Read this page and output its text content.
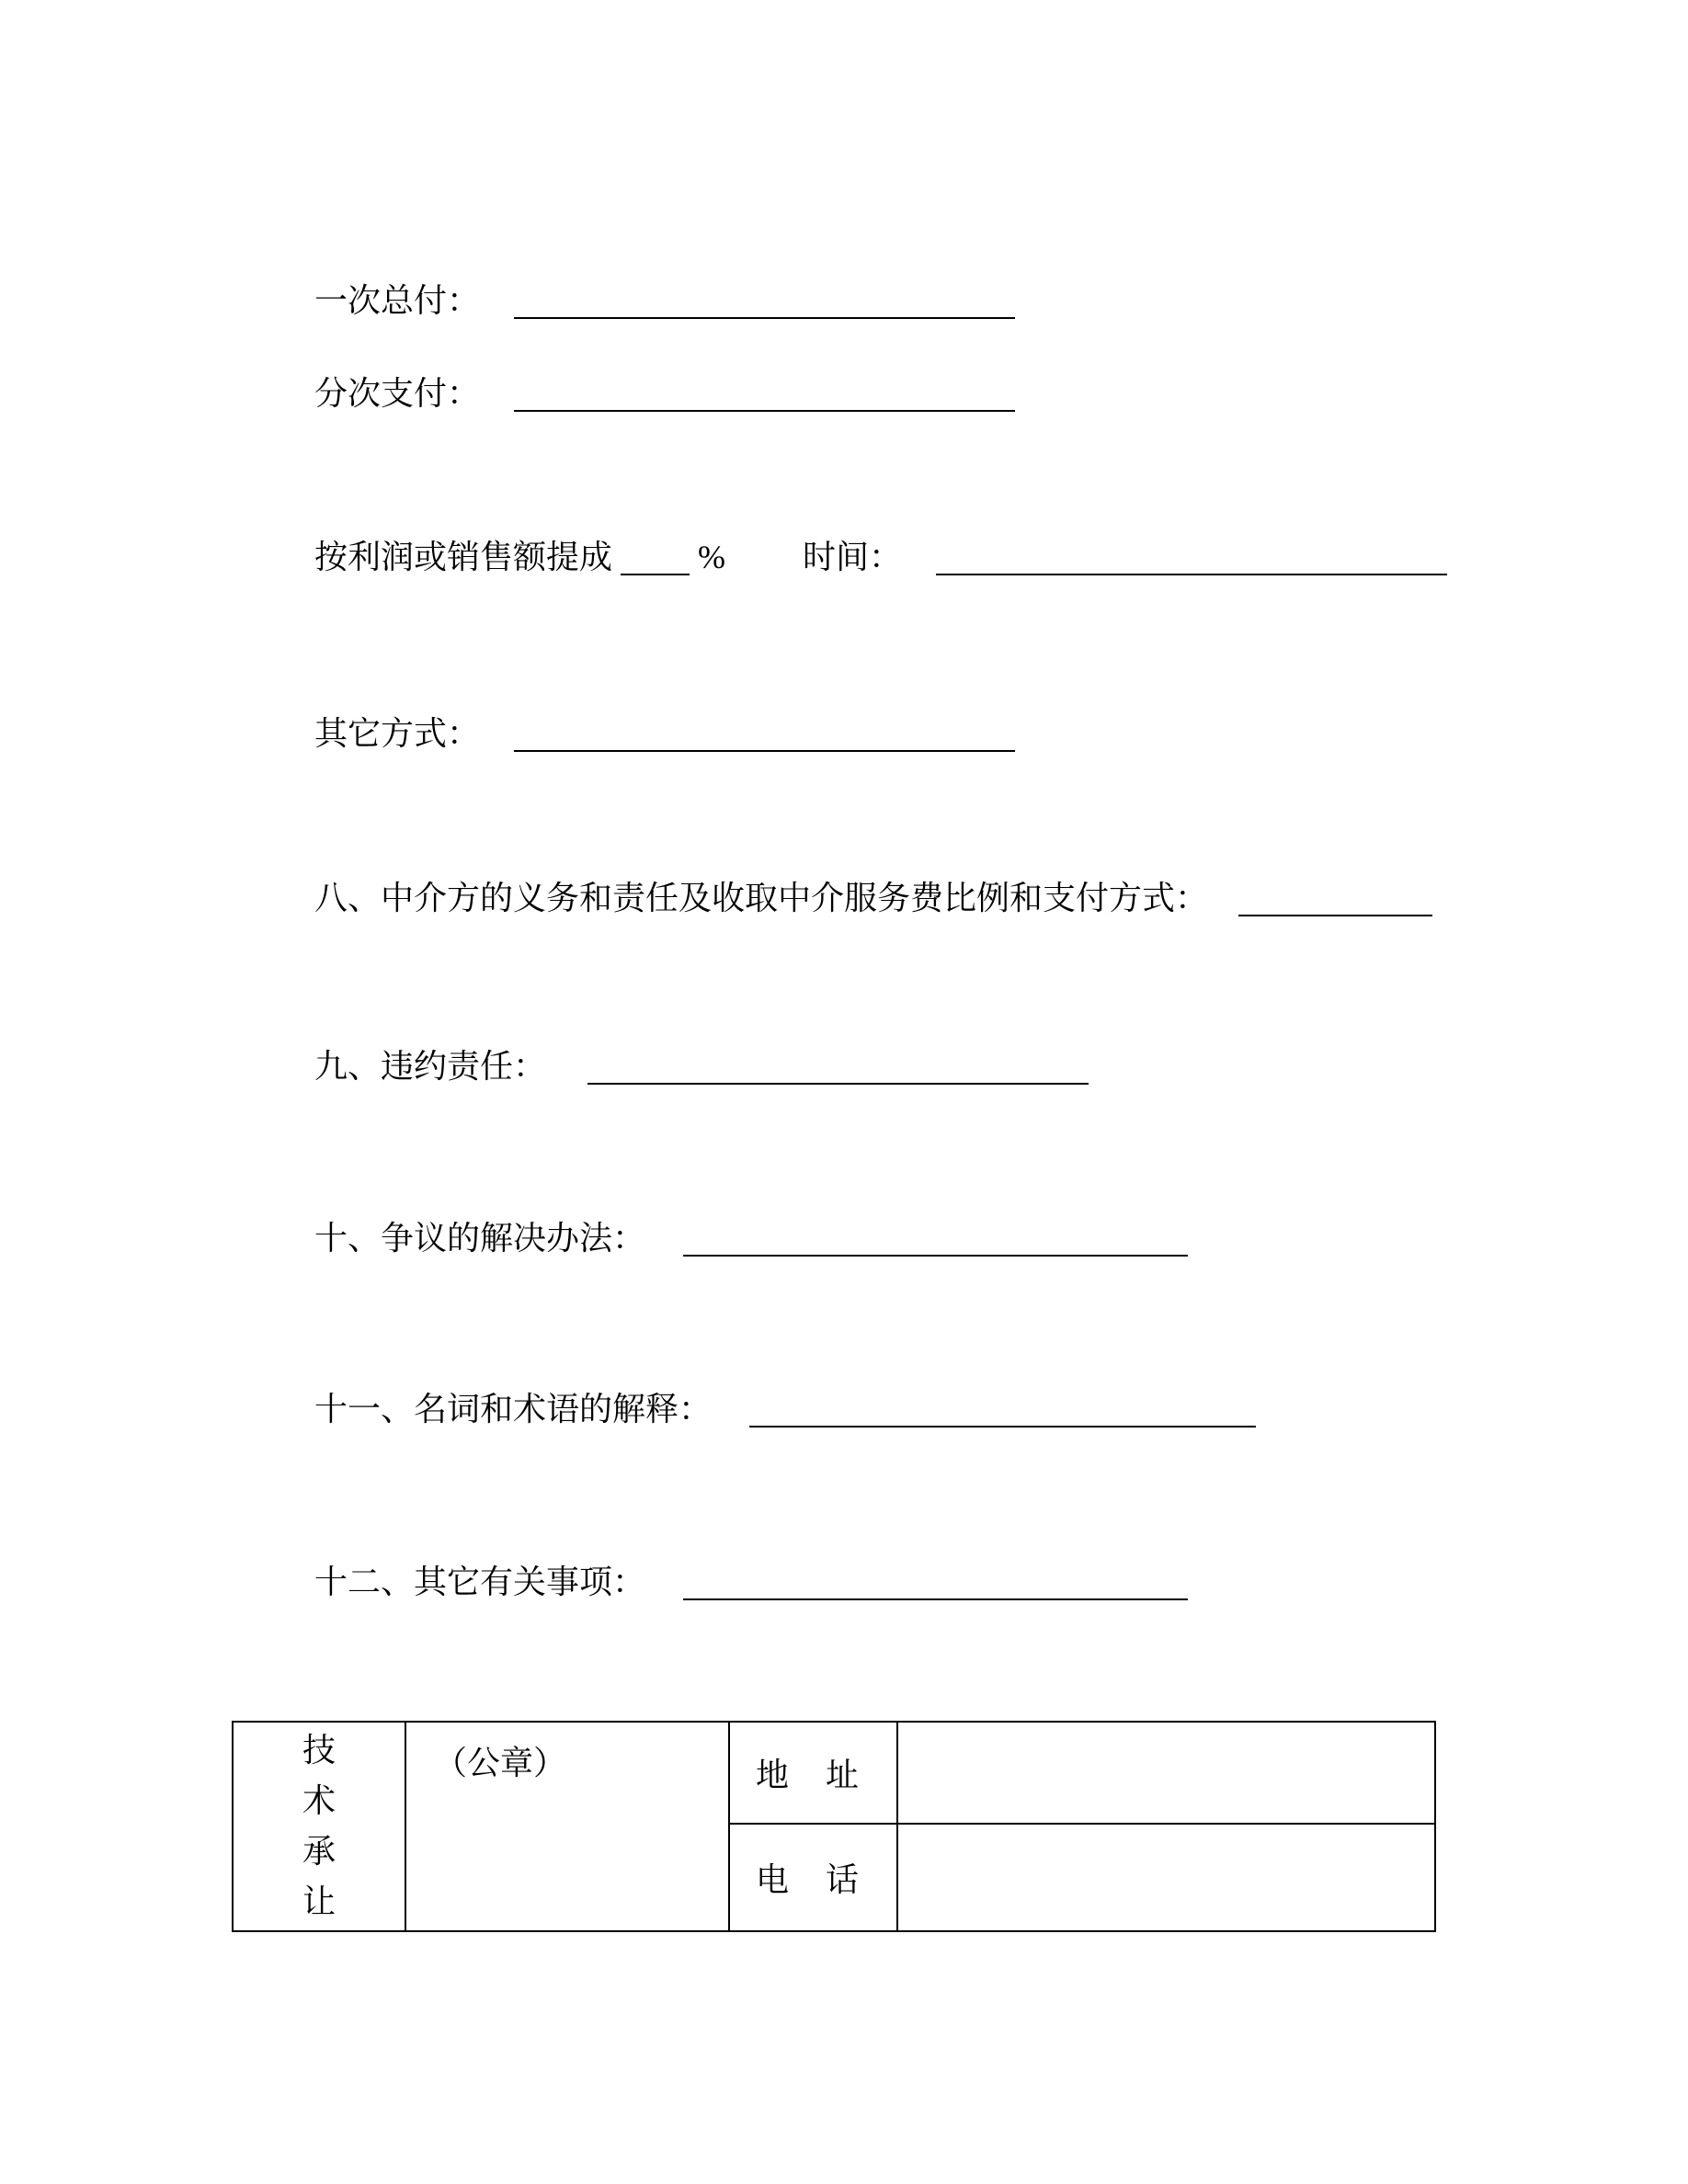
一次总付：
分次支付：
按利润或销售额提成	% 时间：
其它方式：
八、中介方的义务和责任及收取中介服务费比例和支付方式：
九、违约责任：
十、争议的解决办法：
十一、名词和术语的解释：
十二、其它有关事项：
技术承让	（公章）	地　址	
		电　话	
